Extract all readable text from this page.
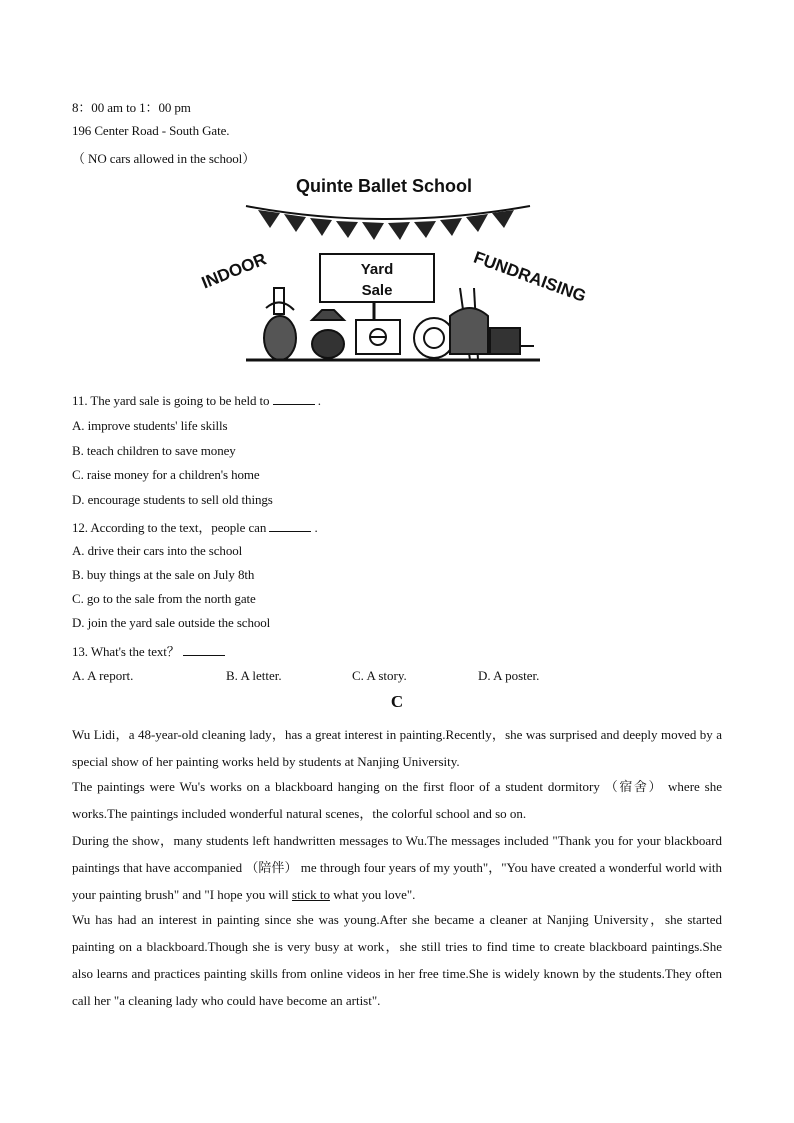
8：00 am to 1：00 pm
196 Center Road - South Gate.
（ NO cars allowed in the school）
Quinte Ballet School
INDOOR	FUNDRAISING
Yard
Sale
11. The yard sale is going to be held to	.
A. improve students' life skills
B. teach children to save money
C. raise money for a children's home
D. encourage students to sell old things
12. According to the text，people can	.
A. drive their cars into the school
B. buy things at the sale on July 8th
C. go to the sale from the north gate
D. join the yard sale outside the school
13. What's the text？
A. A report.	B. A letter.	C. A story.	D. A poster.
C
Wu Lidi，a 48-year-old cleaning lady，has a great interest in painting.Recently，she was surprised and deeply moved by a special show of her painting works held by students at Nanjing University.
The paintings were Wu's works on a blackboard hanging on the first floor of a student dormitory （宿舍） where she works.The paintings included wonderful natural scenes，the colorful school and so on.
During the show，many students left handwritten messages to Wu.The messages included "Thank you for your blackboard paintings that have accompanied （陪伴） me through four years of my youth"，"You have created a wonderful world with your painting brush" and "I hope you will stick to what you love".
Wu has had an interest in painting since she was young.After she became a cleaner at Nanjing University，she started painting on a blackboard.Though she is very busy at work，she still tries to find time to create blackboard paintings.She also learns and practices painting skills from online videos in her free time.She is widely known by the students.They often call her "a cleaning lady who could have become an artist".
